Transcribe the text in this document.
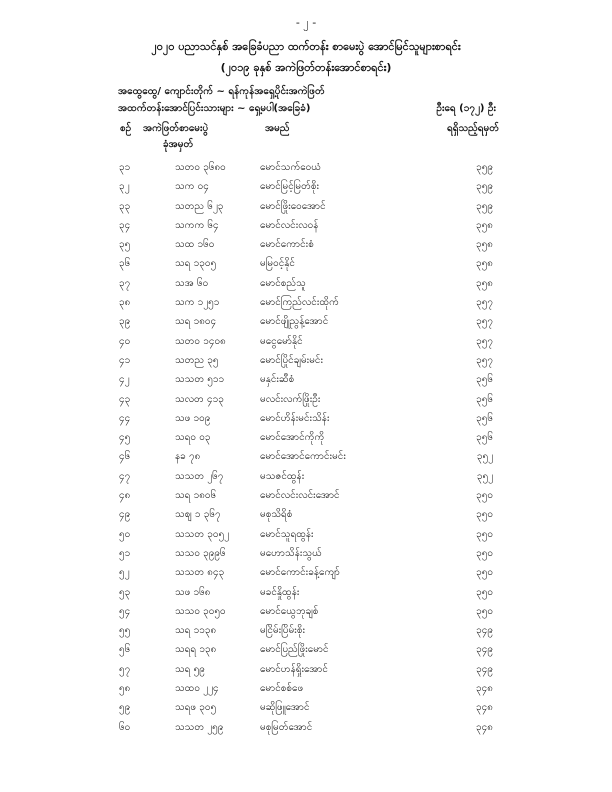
- ၂ -
၂၀၂၀ ပညာသင်နှစ် အခြေခံပညာ ထက်တန်း စာမေးပွဲ အောင်မြင်သူများစာရင်း
(၂၀၁၉ ခုနှစ် အကဲဖြတ်တန်းအောင်စာရင်း)
အထွေထွေ/ ကျောင်းတိုက် ~ ရန်ကုန်အရှေ့ပိုင်းအကဲဖြတ်
အထက်တန်းအောင်ပြင်းသားများ ~ ရှေ့မပါ(အခြေခံ)	ဦးရေ (၁၇၂) ဦး
စဉ် အကဲဖြတ်စာမေးပွဲ
ခုံအမှတ်
အမည်	ရရှိသည့်ရမှတ်
၃၁	သတဝ ၃၆၈ဝ	မောင်သက်ဝေယံ	၃၅၉
၃၂	သက ဝ၄	မောင်မြင့်မြတ်စိုး	၃၅၉
၃၃	သတည ၆၂၃	မောင်ဖြိုးဝေအောင်	၃၅၉
၃၄	သကက ၆၄	မောင်လင်းလဝန်	၃၅၈
၃၅	သထ ၁၆ဝ	မောင်ကောင်းစံ	၃၅၈
၃၆	သရ ၁၃ဝ၅	မမြဝင့်နိုင်	၃၅၈
၃၇	သအ ၆ဝ	မောင်စည်သူ	၃၅၈
၃၈	သက ၁၂၅၁	မောင်ကြည်လင်းထိုက်	၃၅၇
၃၉	သရ ၁၈ဝ၄	မောင်ဖျိုညွန့်အောင်	၃၅၇
၄ဝ	သတဝ ၁၄ဝ၈	မငွေမော်နိုင်	၃၅၇
၄၁	သတည ၃၅	မောင်ပြိုင်ချမ်းမင်း	၃၅၇
၄၂	သသတ ၅၁၁	မနှင်းဆီစံ	၃၅၆
၄၃	သလတ ၄၁၃	မလင်းလက်ဖြိုးဦး	၃၅၆
၄၄	သဖ ၁ဝ၉	မောင်ဟိန်းမင်းသိန်း	၃၅၆
၄၅	သရဝ ဝ၃	မောင်အောင်ကိုကို	၃၅၆
၄၆	နခ ၇၈	မောင်အောင်ကောင်းမင်း	၃၅၂
၄၇	သသတ ၂၆၇	မသဇင်ထွန်း	၃၅၂
၄၈	သရ ၁၈၀၆	မောင်လင်းလင်းအောင်	၃၅ဝ
၄၉	သဈ ၁ ၃၆၇	မစုသိရိစံ	၃၅ဝ
၅ဝ	သသတ ၃၀၅၂	မောင်သူရထွန်း	၃၅ဝ
၅၁	သသဝ ၃၉၉၆	မဟောသိန်းသွယ်	၃၅ဝ
၅၂	သသတ ၈၄၃	မောင်ကောင်းခန့်ကျော်	၃၅ဝ
၅၃	သဖ ၁၆၈	မခင်နှိုထွန်း	၃၅ဝ
၅၄	သသဝ ၃၀၅ဝ	မောင်ယွေဘုချစ်	၃၅ဝ
၅၅	သရ ၁၁၃၈	မငြိမ်းပြိမ်းစိုး	၃၄၉
၅၆	သရရ ၁၃၈	မောင်ပြည်ဖြိုးမောင်	၃၄၉
၅၇	သရ ၅၉	မောင်ဟန်ရှိုးအောင်	၃၄၉
၅၈	သထဝ ၂၂၄	မောင်စစ်ဖေ	၃၄၈
၅၉	သရဖ ၃ဝ၅	မဆိုဖြူအောင်	၃၄၈
၆ဝ	သသတ ၂၅၉	မစုမြတ်အောင်	၃၄၈
